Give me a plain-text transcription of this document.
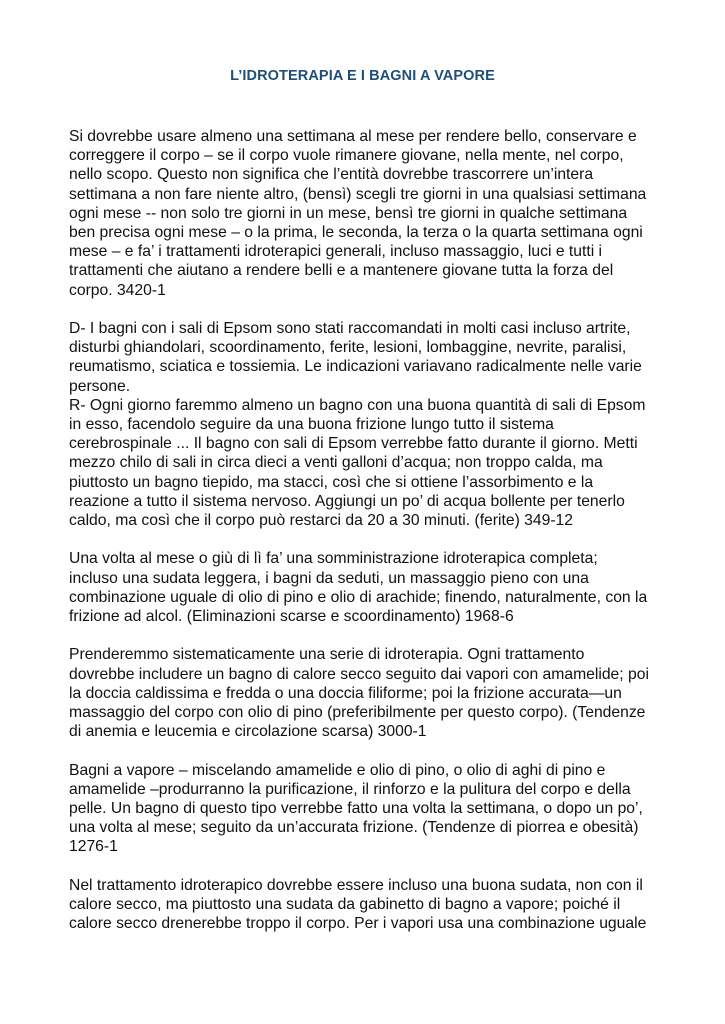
L’IDROTERAPIA E I BAGNI A VAPORE

Si dovrebbe usare almeno una settimana al mese per rendere bello, conservare e
correggere il corpo – se il corpo vuole rimanere giovane, nella mente, nel corpo,
nello scopo. Questo non significa che l’entità dovrebbe trascorrere un’intera
settimana a non fare niente altro, (bensì) scegli tre giorni in una qualsiasi settimana
ogni mese -- non solo tre giorni in un mese, bensì tre giorni in qualche settimana
ben precisa ogni mese – o la prima, le seconda, la terza o la quarta settimana ogni
mese – e fa’ i trattamenti idroterapici generali, incluso massaggio, luci e tutti i
trattamenti che aiutano a rendere belli e a mantenere giovane tutta la forza del
corpo. 3420-1

D- I bagni con i sali di Epsom sono stati raccomandati in molti casi incluso artrite,
disturbi ghiandolari, scoordinamento, ferite, lesioni, lombaggine, nevrite, paralisi,
reumatismo, sciatica e tossiemia. Le indicazioni variavano radicalmente nelle varie
persone.

R- Ogni giorno faremmo almeno un bagno con una buona quantità di sali di Epsom
in esso, facendolo seguire da una buona frizione lungo tutto il sistema
cerebrospinale ... Il bagno con sali di Epsom verrebbe fatto durante il giorno. Metti
mezzo chilo di sali in circa dieci a venti galloni d’acqua; non troppo calda, ma
piuttosto un bagno tiepido, ma stacci, così che si ottiene l’assorbimento e la
reazione a tutto il sistema nervoso. Aggiungi un po’ di acqua bollente per tenerlo
caldo, ma così che il corpo può restarci da 20 a 30 minuti. (ferite) 349-12

Una volta al mese o giù di lì fa’ una somministrazione idroterapica completa;
incluso una sudata leggera, i bagni da seduti, un massaggio pieno con una
combinazione uguale di olio di pino e olio di arachide; finendo, naturalmente, con la
frizione ad alcol. (Eliminazioni scarse e scoordinamento) 1968-6

Prenderemmo sistematicamente una serie di idroterapia. Ogni trattamento
dovrebbe includere un bagno di calore secco seguito dai vapori con amamelide; poi
la doccia caldissima e fredda o una doccia filiforme; poi la frizione accurata—un
massaggio del corpo con olio di pino (preferibilmente per questo corpo). (Tendenze
di anemia e leucemia e circolazione scarsa) 3000-1

Bagni a vapore – miscelando amamelide e olio di pino, o olio di aghi di pino e
amamelide –produrranno la purificazione, il rinforzo e la pulitura del corpo e della
pelle. Un bagno di questo tipo verrebbe fatto una volta la settimana, o dopo un po’,
una volta al mese; seguito da un’accurata frizione. (Tendenze di piorrea e obesità)
1276-1

Nel trattamento idroterapico dovrebbe essere incluso una buona sudata, non con il
calore secco, ma piuttosto una sudata da gabinetto di bagno a vapore; poiché il
calore secco drenerebbe troppo il corpo. Per i vapori usa una combinazione uguale
